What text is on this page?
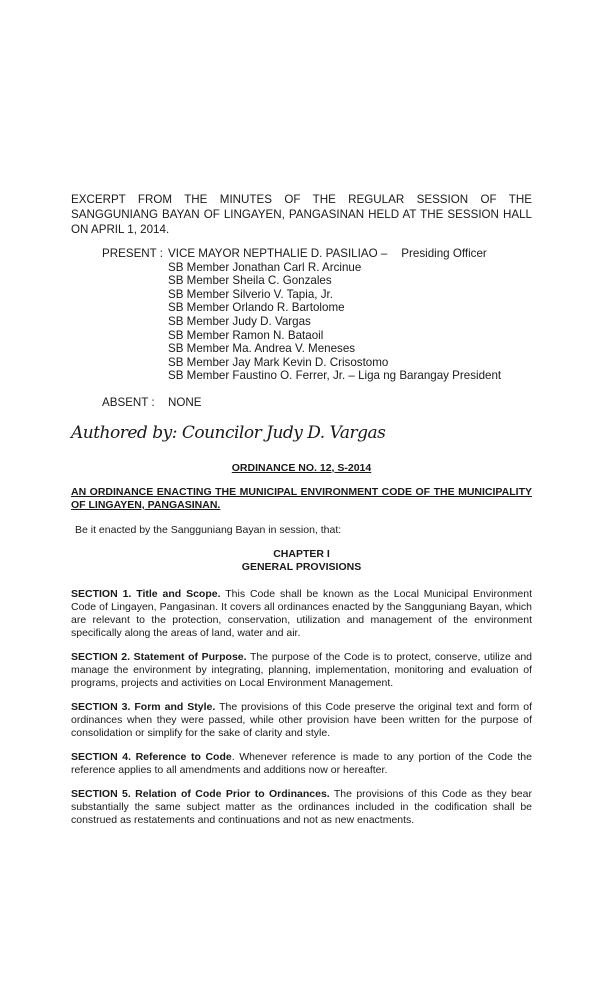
EXCERPT FROM THE MINUTES OF THE REGULAR SESSION OF THE SANGGUNIANG BAYAN OF LINGAYEN, PANGASINAN HELD AT THE SESSION HALL ON APRIL 1, 2014.
PRESENT : VICE MAYOR NEPTHALIE D. PASILIAO – Presiding Officer
SB Member Jonathan Carl R. Arcinue
SB Member Sheila C. Gonzales
SB Member Silverio V. Tapia, Jr.
SB Member Orlando R. Bartolome
SB Member Judy D. Vargas
SB Member Ramon N. Bataoil
SB Member Ma. Andrea V. Meneses
SB Member Jay Mark Kevin D. Crisostomo
SB Member Faustino O. Ferrer, Jr. – Liga ng Barangay President
ABSENT :	NONE
Authored by: Councilor Judy D. Vargas
ORDINANCE NO. 12, S-2014
AN ORDINANCE ENACTING THE MUNICIPAL ENVIRONMENT CODE OF THE MUNICIPALITY OF LINGAYEN, PANGASINAN.
Be it enacted by the Sangguniang Bayan in session, that:
CHAPTER I
GENERAL PROVISIONS

SECTION 1. Title and Scope. This Code shall be known as the Local Municipal Environment Code of Lingayen, Pangasinan. It covers all ordinances enacted by the Sangguniang Bayan, which are relevant to the protection, conservation, utilization and management of the environment specifically along the areas of land, water and air.

SECTION 2. Statement of Purpose. The purpose of the Code is to protect, conserve, utilize and manage the environment by integrating, planning, implementation, monitoring and evaluation of programs, projects and activities on Local Environment Management.

SECTION 3. Form and Style. The provisions of this Code preserve the original text and form of ordinances when they were passed, while other provision have been written for the purpose of consolidation or simplify for the sake of clarity and style.

SECTION 4. Reference to Code. Whenever reference is made to any portion of the Code the reference applies to all amendments and additions now or hereafter.

SECTION 5. Relation of Code Prior to Ordinances. The provisions of this Code as they bear substantially the same subject matter as the ordinances included in the codification shall be construed as restatements and continuations and not as new enactments.
